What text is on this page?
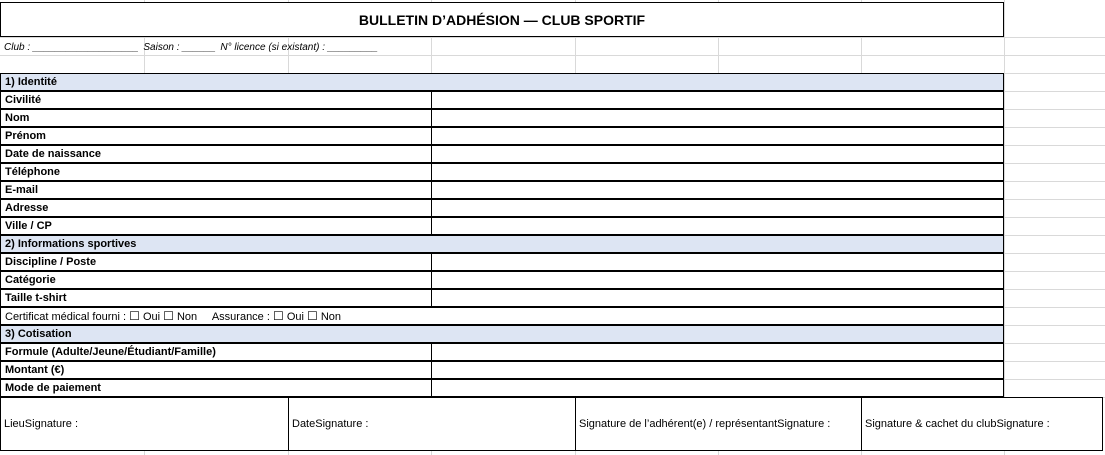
BULLETIN D’ADHÉSION — CLUB SPORTIF
Club : ___________________ Saison : ______ N° licence (si existant) : _________
1) Identité
Civilité
Nom
Prénom
Date de naissance
Téléphone
E-mail
Adresse
Ville / CP
2) Informations sportives
Discipline / Poste
Catégorie
Taille t-shirt
Certificat médical fourni : ☐ Oui ☐ Non Assurance : ☐ Oui ☐ Non
3) Cotisation
Formule (Adulte/Jeune/Étudiant/Famille)
Montant (€)
Mode de paiement
LieuSignature :	DateSignature :	Signature de l’adhérent(e) / représentantSignature :	Signature & cachet du clubSignature :
